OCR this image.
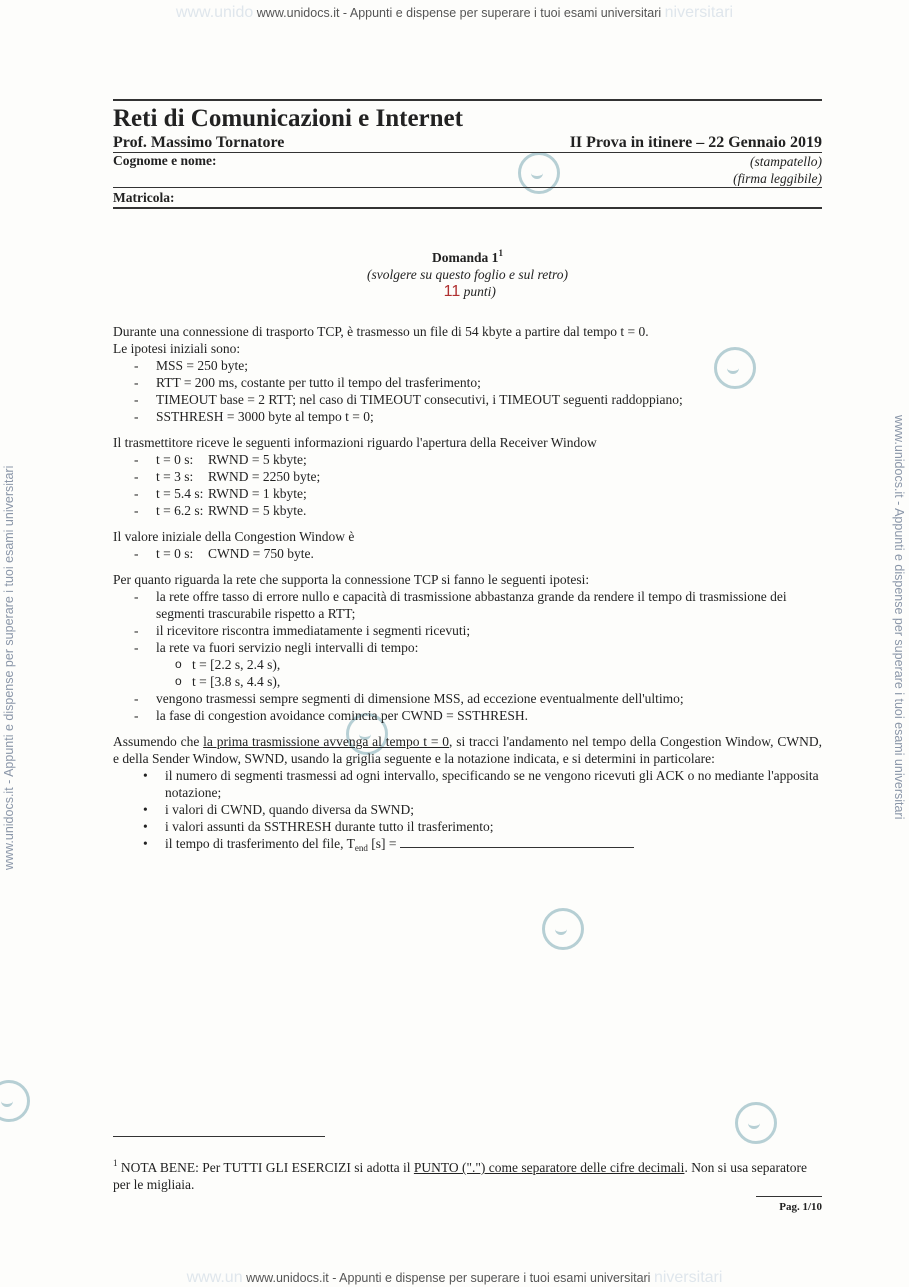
www.unido www.unidocs.it - Appunti e dispense per superare i tuoi esami universitari niversitari
www.un www.unidocs.it - Appunti e dispense per superare i tuoi esami universitari niversitari
www.unidocs.it - Appunti e dispense per superare i tuoi esami universitari	www.unidocs.it - Appunti e dispense per superare i tuoi esami universitari
Reti di Comunicazioni e Internet
Prof. Massimo Tornatore	II Prova in itinere – 22 Gennaio 2019
Cognome e nome:	(stampatello)
(firma leggibile)
Matricola:
Domanda $1^1$
(svolgere su questo foglio e sul retro)
(11 punti)

Durante una connessione di trasporto TCP, è trasmesso un file di 54 kbyte a partire dal tempo t = 0.

Le ipotesi iniziali sono:

- MSS = 250 byte;
- RTT = 200 ms, costante per tutto il tempo del trasferimento;
- TIMEOUT base = 2 RTT; nel caso di TIMEOUT consecutivi, i TIMEOUT seguenti raddoppiano;
- SSTHRESH = 3000 byte al tempo t = 0;

Il trasmettitore riceve le seguenti informazioni riguardo l'apertura della Receiver Window

- t = 0 s: RWND = 5 kbyte;
- t = 3 s: RWND = 2250 byte;
- t = 5.4 s: RWND = 1 kbyte;
- t = 6.2 s: RWND = 5 kbyte.

Il valore iniziale della Congestion Window è

- t = 0 s: CWND = 750 byte.

Per quanto riguarda la rete che supporta la connessione TCP si fanno le seguenti ipotesi:

- la rete offre tasso di errore nullo e capacità di trasmissione abbastanza grande da rendere il tempo di trasmissione dei segmenti trascurabile rispetto a RTT;
- il ricevitore riscontra immediatamente i segmenti ricevuti;
- la rete va fuori servizio negli intervalli di tempo:
o t = [2.2 s, 2.4 s),
o t = [3.8 s, 4.4 s),
- vengono trasmessi sempre segmenti di dimensione MSS, ad eccezione eventualmente dell'ultimo;
- la fase di congestion avoidance comincia per CWND = SSTHRESH.

Assumendo che la prima trasmissione avvenga al tempo t = 0, si tracci l'andamento nel tempo della Congestion Window, CWND, e della Sender Window, SWND, usando la griglia seguente e la notazione indicata, e si determini in particolare:

• il numero di segmenti trasmessi ad ogni intervallo, specificando se ne vengono ricevuti gli ACK o no mediante l'apposita notazione;
• i valori di CWND, quando diversa da SWND;
• i valori assunti da SSTHRESH durante tutto il trasferimento;
• il tempo di trasferimento del file, $T_{end}$ [s] =
$^1$ NOTA BENE: Per TUTTI GLI ESERCIZI si adotta il PUNTO (".") come separatore delle cifre decimali. Non si usa separatore per le migliaia.
Pag. 1/10
